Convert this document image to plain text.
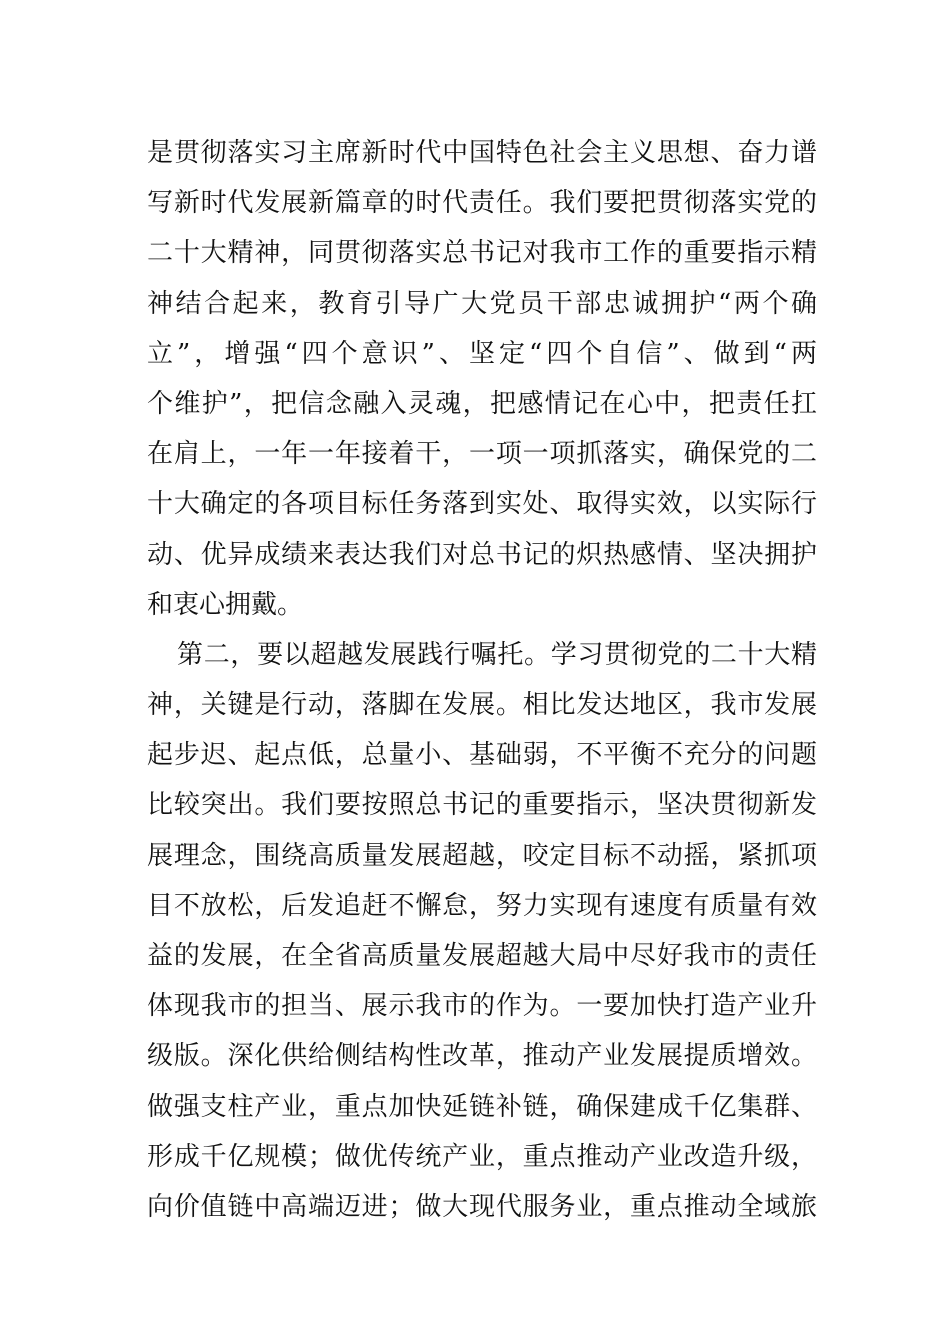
是贯彻落实习主席新时代中国特色社会主义思想、奋力谱
写新时代发展新篇章的时代责任。我们要把贯彻落实党的
二十大精神，同贯彻落实总书记对我市工作的重要指示精
神结合起来，教育引导广大党员干部忠诚拥护“两个确
立”，增强“四个意识”、坚定“四个自信”、做到“两
个维护”，把信念融入灵魂，把感情记在心中，把责任扛
在肩上，一年一年接着干，一项一项抓落实，确保党的二
十大确定的各项目标任务落到实处、取得实效，以实际行
动、优异成绩来表达我们对总书记的炽热感情、坚决拥护
和衷心拥戴。
第二，要以超越发展践行嘱托。学习贯彻党的二十大精
神，关键是行动，落脚在发展。相比发达地区，我市发展
起步迟、起点低，总量小、基础弱，不平衡不充分的问题
比较突出。我们要按照总书记的重要指示，坚决贯彻新发
展理念，围绕高质量发展超越，咬定目标不动摇，紧抓项
目不放松，后发追赶不懈怠，努力实现有速度有质量有效
益的发展，在全省高质量发展超越大局中尽好我市的责任
体现我市的担当、展示我市的作为。一要加快打造产业升
级版。深化供给侧结构性改革，推动产业发展提质增效。
做强支柱产业，重点加快延链补链，确保建成千亿集群、
形成千亿规模；做优传统产业，重点推动产业改造升级，
向价值链中高端迈进；做大现代服务业，重点推动全域旅
